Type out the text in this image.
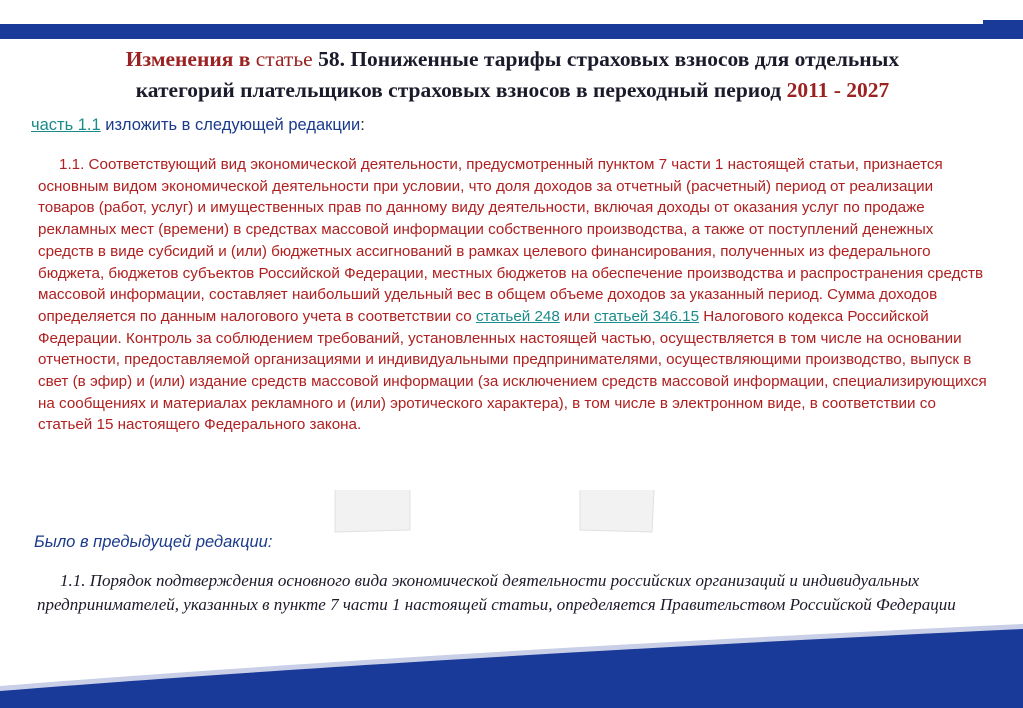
Изменения в статье 58. Пониженные тарифы страховых взносов для отдельных
категорий плательщиков страховых взносов в переходный период 2011 - 2027
часть 1.1 изложить в следующей редакции:

1.1. Соответствующий вид экономической деятельности, предусмотренный пунктом 7 части 1 настоящей статьи, признается основным видом экономической деятельности при условии, что доля доходов за отчетный (расчетный) период от реализации товаров (работ, услуг) и имущественных прав по данному виду деятельности, включая доходы от оказания услуг по продаже рекламных мест (времени) в средствах массовой информации собственного производства, а также от поступлений денежных средств в виде субсидий и (или) бюджетных ассигнований в рамках целевого финансирования, полученных из федерального бюджета, бюджетов субъектов Российской Федерации, местных бюджетов на обеспечение производства и распространения средств массовой информации, составляет наибольший удельный вес в общем объеме доходов за указанный период. Сумма доходов определяется по данным налогового учета в соответствии со статьей 248 или статьей 346.15 Налогового кодекса Российской Федерации. Контроль за соблюдением требований, установленных настоящей частью, осуществляется в том числе на основании отчетности, предоставляемой организациями и индивидуальными предпринимателями, осуществляющими производство, выпуск в свет (в эфир) и (или) издание средств массовой информации (за исключением средств массовой информации, специализирующихся на сообщениях и материалах рекламного и (или) эротического характера), в том числе в электронном виде, в соответствии со статьей 15 настоящего Федерального закона.

Было в предыдущей редакции:

1.1. Порядок подтверждения основного вида экономической деятельности российских организаций и индивидуальных предпринимателей, указанных в пункте 7 части 1 настоящей статьи, определяется Правительством Российской Федерации
